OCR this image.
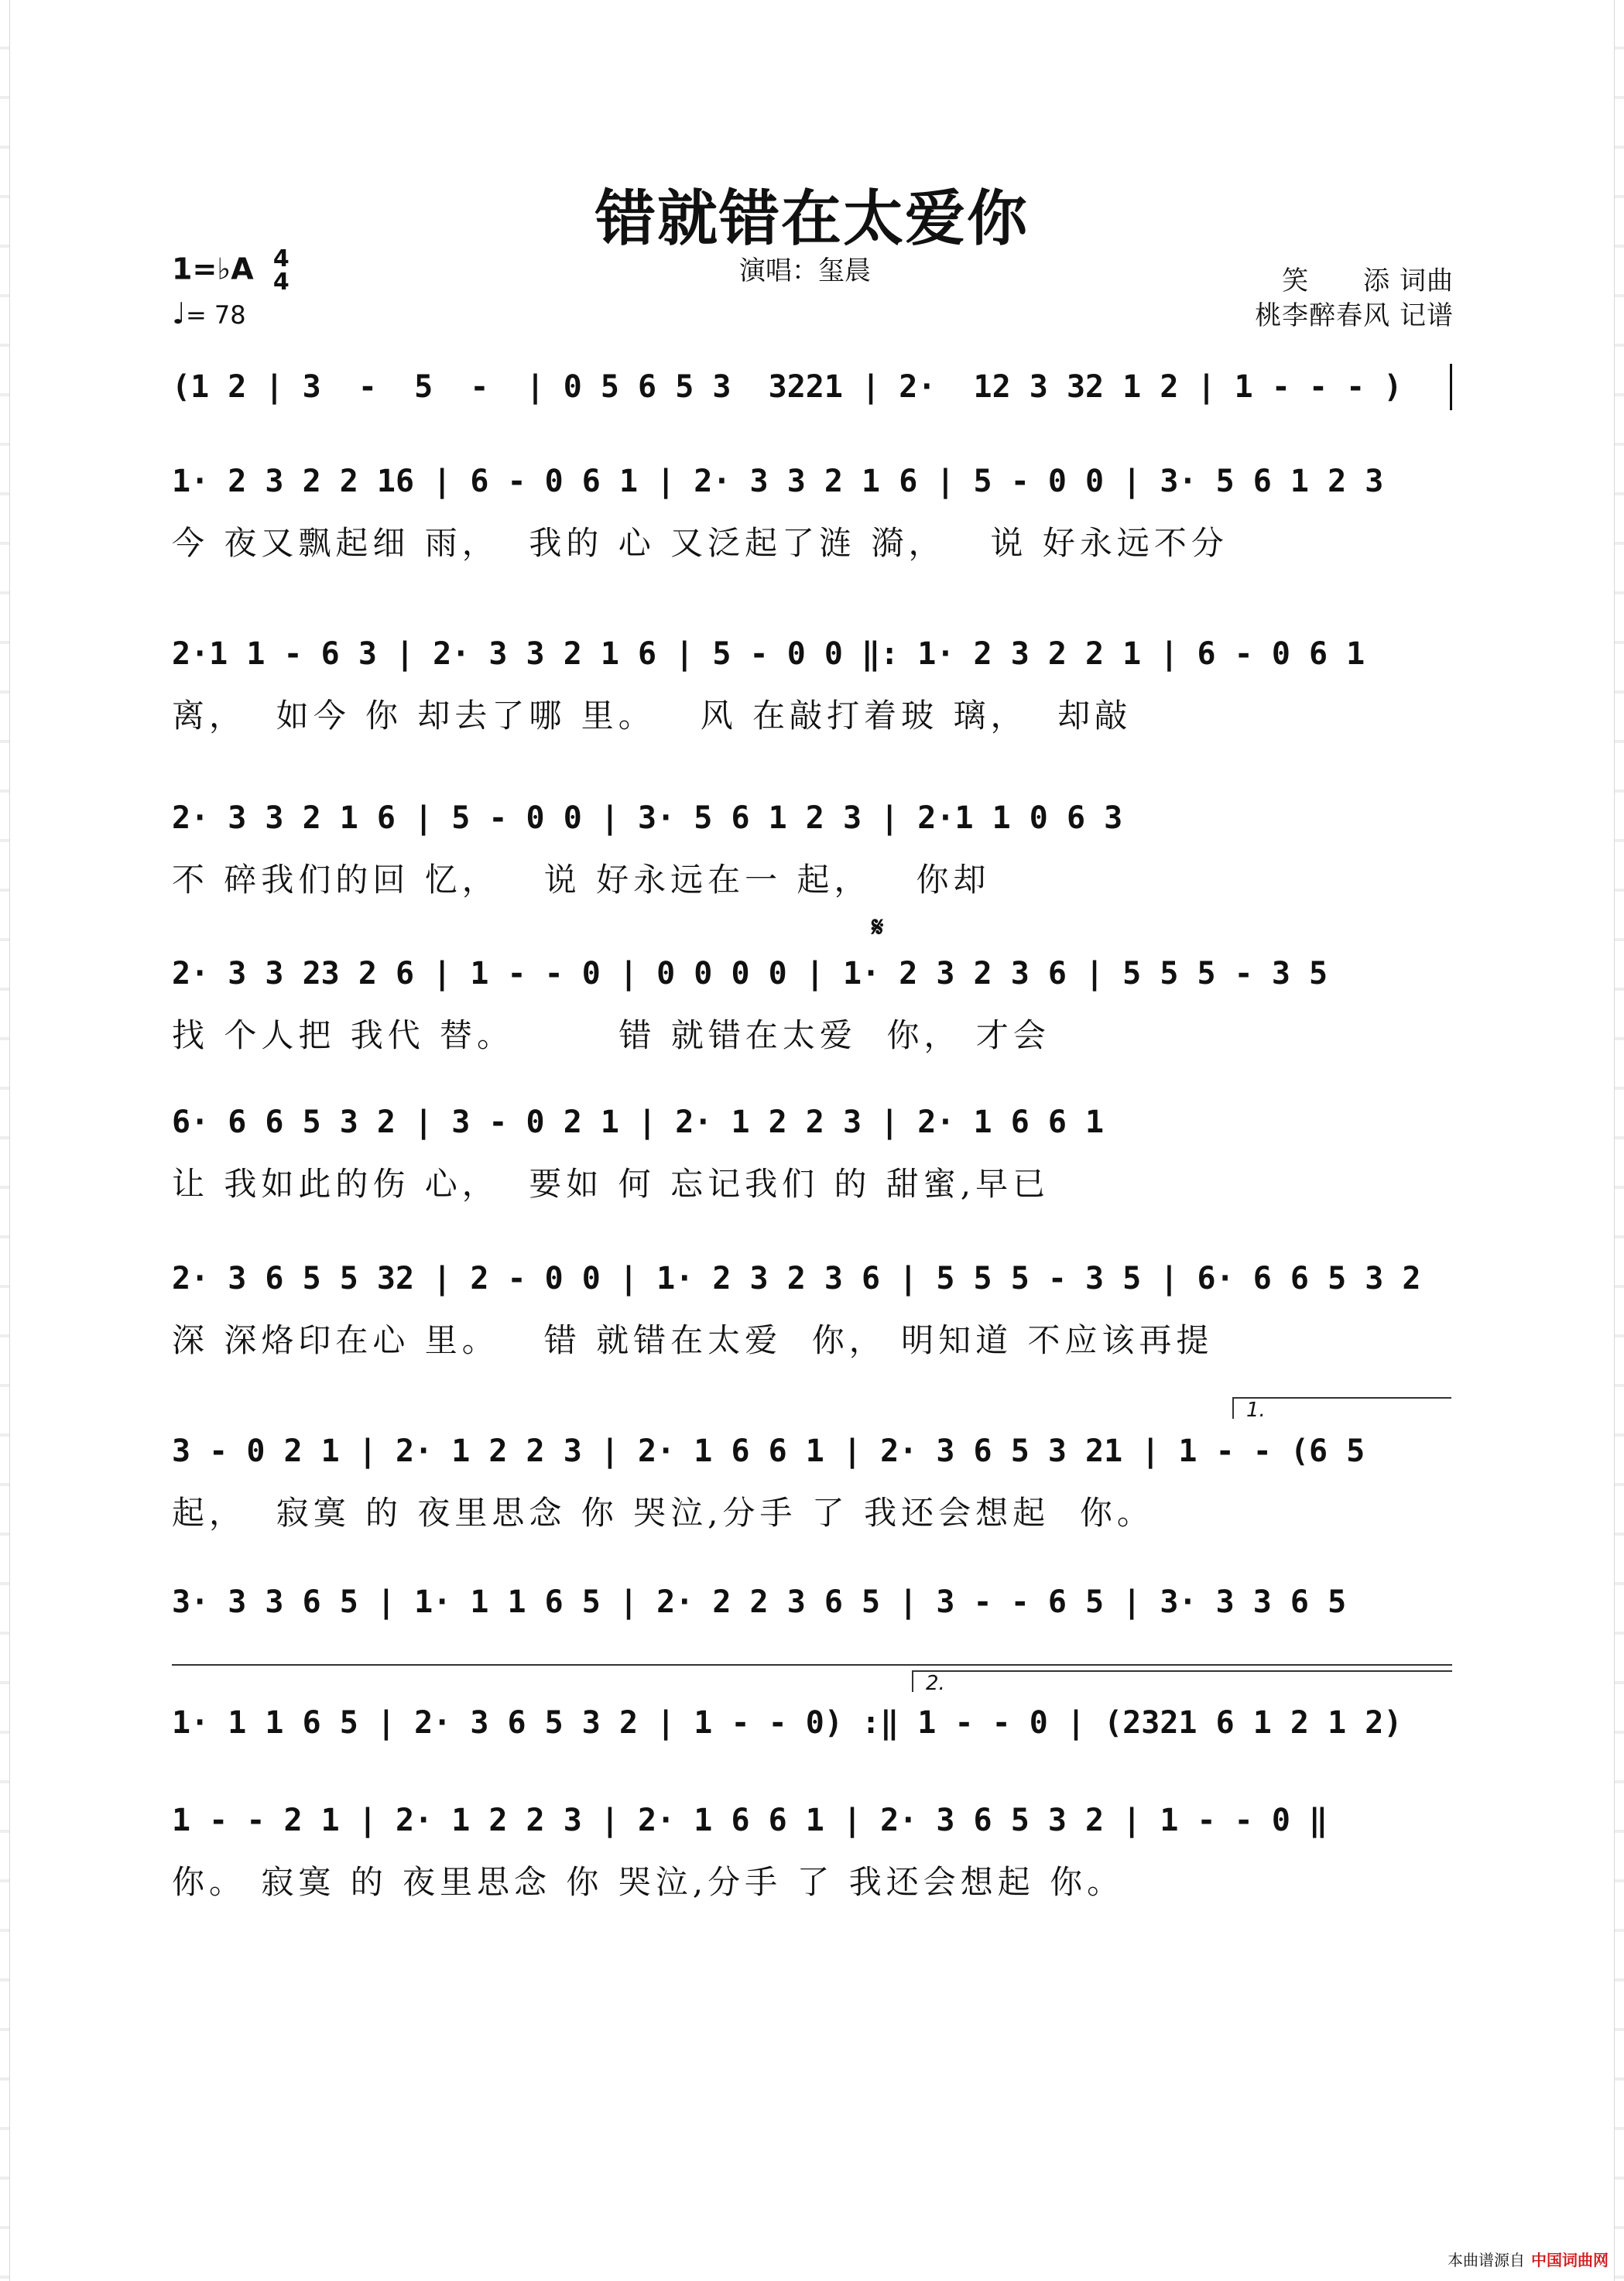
错就错在太爱你
1=♭A 4
4
♩= 78
演唱：玺晨	笑　　添 词曲
桃李醉春风 记谱
(1 2 | 3  -  5  -  | 0 5 6 5 3  3221 | 2·  12 3 32 1 2 | 1 - - - )
1· 2 3 2 2 16 | 6 - 0 6 1 | 2· 3 3 2 1 6 | 5 - 0 0 | 3· 5 6 1 2 3
今 夜又飘起细 雨，  我的 心 又泛起了涟 漪，   说 好永远不分
2·1 1 - 6 3 | 2· 3 3 2 1 6 | 5 - 0 0 ‖: 1· 2 3 2 2 1 | 6 - 0 6 1
离，  如今 你 却去了哪 里。   风 在敲打着玻 璃，  却敲
2· 3 3 2 1 6 | 5 - 0 0 | 3· 5 6 1 2 3 | 2·1 1 0 6 3
不 碎我们的回 忆，   说 好永远在一 起，   你却
𝄋
2· 3 3 23 2 6 | 1 - - 0 | 0 0 0 0 | 1· 2 3 2 3 6 | 5 5 5 - 3 5
找 个人把 我代 替。       错 就错在太爱  你， 才会
6· 6 6 5 3 2 | 3 - 0 2 1 | 2· 1 2 2 3 | 2· 1 6 6 1
让 我如此的伤 心，  要如 何 忘记我们 的 甜蜜,早已
2· 3 6 5 5 32 | 2 - 0 0 | 1· 2 3 2 3 6 | 5 5 5 - 3 5 | 6· 6 6 5 3 2
深 深烙印在心 里。   错 就错在太爱  你， 明知道 不应该再提
1.
3 - 0 2 1 | 2· 1 2 2 3 | 2· 1 6 6 1 | 2· 3 6 5 3 21 | 1 - - (6 5
起，  寂寞 的 夜里思念 你 哭泣,分手 了 我还会想起  你。
3· 3 3 6 5 | 1· 1 1 6 5 | 2· 2 2 3 6 5 | 3 - - 6 5 | 3· 3 3 6 5
2.
1· 1 1 6 5 | 2· 3 6 5 3 2 | 1 - - 0) :‖ 1 - - 0 | (2321 6 1 2 1 2)
1 - - 2 1 | 2· 1 2 2 3 | 2· 1 6 6 1 | 2· 3 6 5 3 2 | 1 - - 0 ‖
你。 寂寞 的 夜里思念 你 哭泣,分手 了 我还会想起 你。
本曲谱源自 中国词曲网
